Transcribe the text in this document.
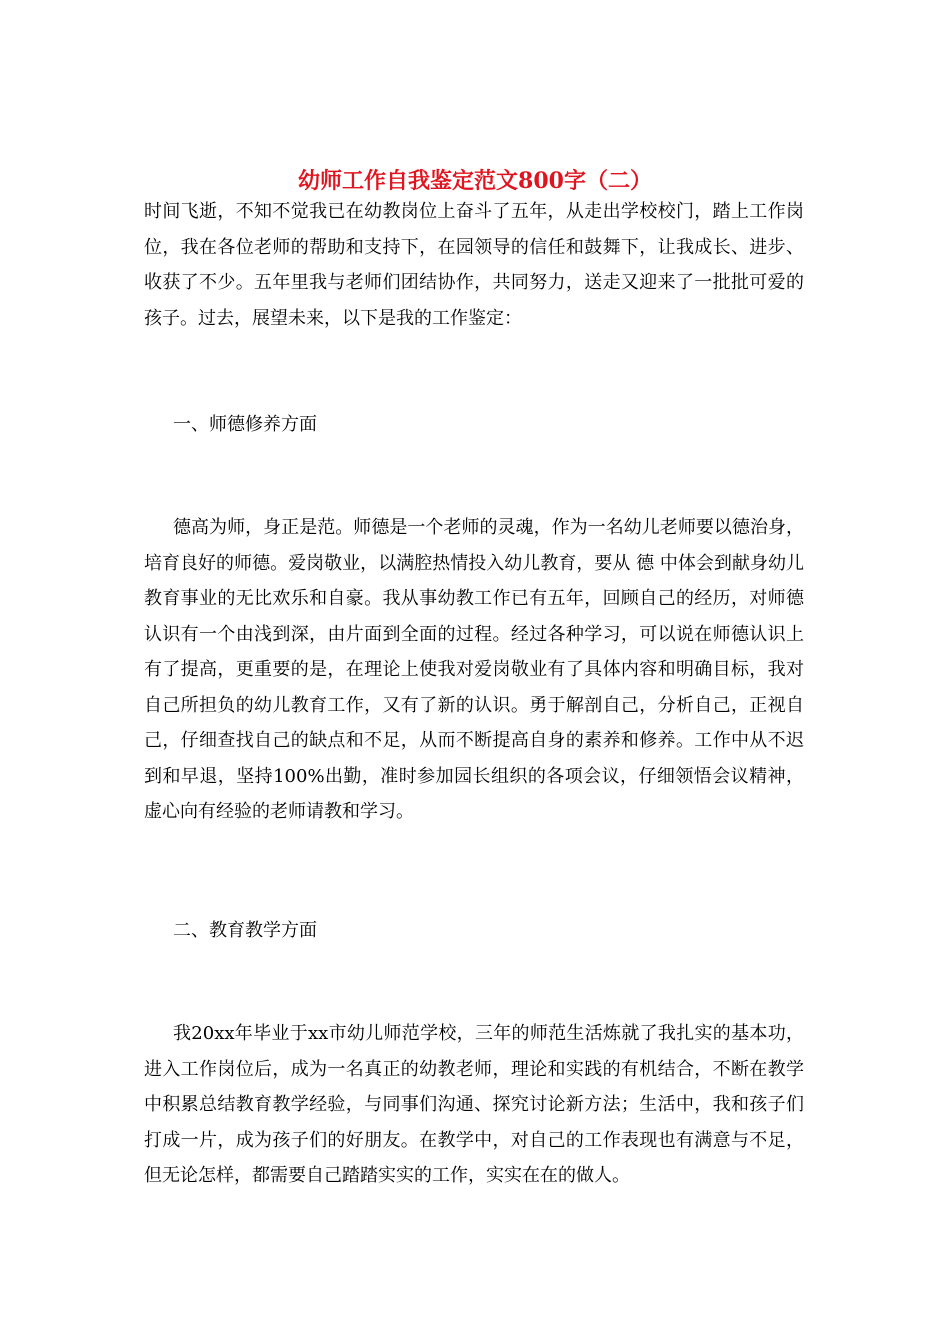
幼师工作自我鉴定范文800字（二）

时间飞逝，不知不觉我已在幼教岗位上奋斗了五年，从走出学校校门，踏上工作岗位，我在各位老师的帮助和支持下，在园领导的信任和鼓舞下，让我成长、进步、收获了不少。五年里我与老师们团结协作，共同努力，送走又迎来了一批批可爱的孩子。过去，展望未来，以下是我的工作鉴定：

一、师德修养方面

德高为师，身正是范。师德是一个老师的灵魂，作为一名幼儿老师要以德治身，培育良好的师德。爱岗敬业，以满腔热情投入幼儿教育，要从 德 中体会到献身幼儿教育事业的无比欢乐和自豪。我从事幼教工作已有五年，回顾自己的经历，对师德认识有一个由浅到深，由片面到全面的过程。经过各种学习，可以说在师德认识上有了提高，更重要的是，在理论上使我对爱岗敬业有了具体内容和明确目标，我对自己所担负的幼儿教育工作，又有了新的认识。勇于解剖自己，分析自己，正视自己，仔细查找自己的缺点和不足，从而不断提高自身的素养和修养。工作中从不迟到和早退，坚持100%出勤，准时参加园长组织的各项会议，仔细领悟会议精神，虚心向有经验的老师请教和学习。

二、教育教学方面

我20xx年毕业于xx市幼儿师范学校，三年的师范生活炼就了我扎实的基本功，进入工作岗位后，成为一名真正的幼教老师，理论和实践的有机结合，不断在教学中积累总结教育教学经验，与同事们沟通、探究讨论新方法；生活中，我和孩子们打成一片，成为孩子们的好朋友。在教学中，对自己的工作表现也有满意与不足，但无论怎样，都需要自己踏踏实实的工作，实实在在的做人。
